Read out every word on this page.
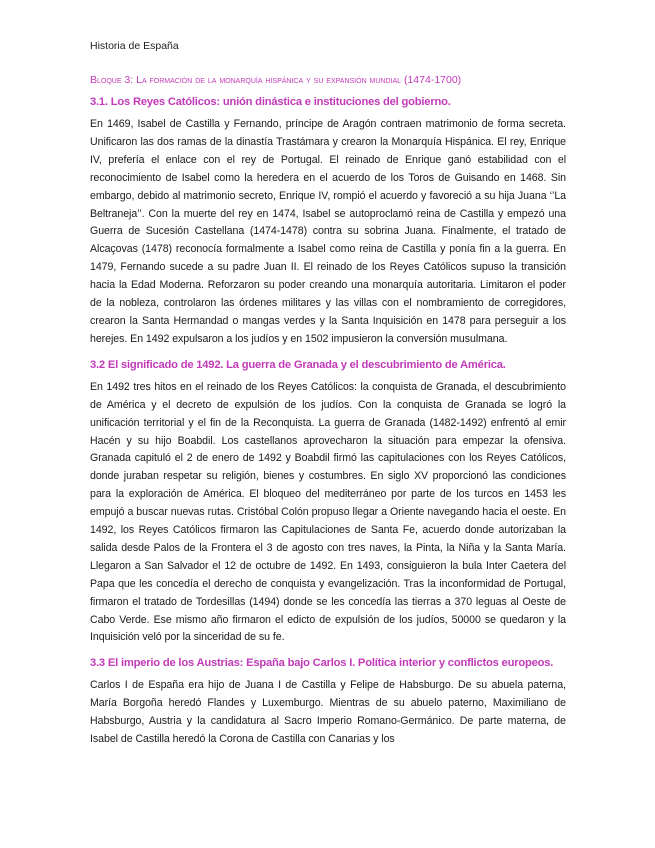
Historia de España
Bloque 3: La formación de la monarquía hispánica y su expansión mundial (1474-1700)
3.1. Los Reyes Católicos: unión dinástica e instituciones del gobierno.

En 1469, Isabel de Castilla y Fernando, príncipe de Aragón contraen matrimonio de forma secreta. Unificaron las dos ramas de la dinastía Trastámara y crearon la Monarquía Hispánica. El rey, Enrique IV, prefería el enlace con el rey de Portugal. El reinado de Enrique ganó estabilidad con el reconocimiento de Isabel como la heredera en el acuerdo de los Toros de Guisando en 1468. Sin embargo, debido al matrimonio secreto, Enrique IV, rompió el acuerdo y favoreció a su hija Juana ‘’La Beltraneja’’. Con la muerte del rey en 1474, Isabel se autoproclamó reina de Castilla y empezó una Guerra de Sucesión Castellana (1474-1478) contra su sobrina Juana. Finalmente, el tratado de Alcaçovas (1478) reconocía formalmente a Isabel como reina de Castilla y ponía fin a la guerra. En 1479, Fernando sucede a su padre Juan II. El reinado de los Reyes Católicos supuso la transición hacia la Edad Moderna. Reforzaron su poder creando una monarquía autoritaria. Limitaron el poder de la nobleza, controlaron las órdenes militares y las villas con el nombramiento de corregidores, crearon la Santa Hermandad o mangas verdes y la Santa Inquisición en 1478 para perseguir a los herejes. En 1492 expulsaron a los judíos y en 1502 impusieron la conversión musulmana.

3.2 El significado de 1492. La guerra de Granada y el descubrimiento de América.

En 1492 tres hitos en el reinado de los Reyes Católicos: la conquista de Granada, el descubrimiento de América y el decreto de expulsión de los judíos. Con la conquista de Granada se logró la unificación territorial y el fin de la Reconquista. La guerra de Granada (1482-1492) enfrentó al emir Hacén y su hijo Boabdil. Los castellanos aprovecharon la situación para empezar la ofensiva. Granada capituló el 2 de enero de 1492 y Boabdil firmó las capitulaciones con los Reyes Católicos, donde juraban respetar su religión, bienes y costumbres. En siglo XV proporcionó las condiciones para la exploración de América. El bloqueo del mediterráneo por parte de los turcos en 1453 les empujó a buscar nuevas rutas. Cristóbal Colón propuso llegar a Oriente navegando hacia el oeste. En 1492, los Reyes Católicos firmaron las Capitulaciones de Santa Fe, acuerdo donde autorizaban la salida desde Palos de la Frontera el 3 de agosto con tres naves, la Pinta, la Niña y la Santa María. Llegaron a San Salvador el 12 de octubre de 1492. En 1493, consiguieron la bula Inter Caetera del Papa que les concedía el derecho de conquista y evangelización. Tras la inconformidad de Portugal, firmaron el tratado de Tordesillas (1494) donde se les concedía las tierras a 370 leguas al Oeste de Cabo Verde. Ese mismo año firmaron el edicto de expulsión de los judíos, 50000 se quedaron y la Inquisición veló por la sinceridad de su fe.

3.3 El imperio de los Austrias: España bajo Carlos I. Política interior y conflictos europeos.

Carlos I de España era hijo de Juana I de Castilla y Felipe de Habsburgo. De su abuela paterna, María Borgoña heredó Flandes y Luxemburgo. Mientras de su abuelo paterno, Maximiliano de Habsburgo, Austria y la candidatura al Sacro Imperio Romano-Germánico. De parte materna, de Isabel de Castilla heredó la Corona de Castilla con Canarias y los
